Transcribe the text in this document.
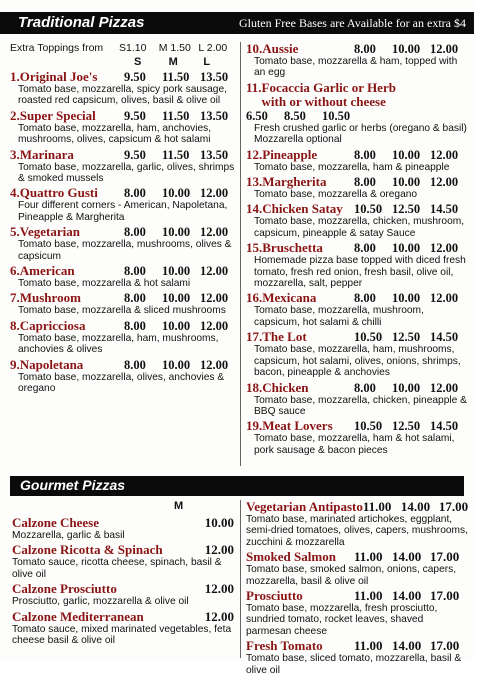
Traditional Pizzas	Gluten Free Bases are Available for an extra $4
Extra Toppings from	S1.10	M 1.50 L 2.00
S	M	L
1. Original Joe's	9.50	11.50 13.50
Tomato base, mozzarella, spicy pork sausage, roasted red capsicum, olives, basil & olive oil
2. Super Special	9.50	11.50 13.50
Tomato base, mozzarella, ham, anchovies, mushrooms, olives, capsicum & hot salami
3. Marinara	9.50	11.50 13.50
Tomato base, mozzarella, garlic, olives, shrimps & smoked mussels
4. Quattro Gusti	8.00	10.00 12.00
Four different corners - American, Napoletana, Pineapple & Margherita
5. Vegetarian	8.00	10.00 12.00
Tomato base, mozzarella, mushrooms, olives & capsicum
6. American	8.00	10.00 12.00
Tomato base, mozzarella & hot salami
7. Mushroom	8.00	10.00 12.00
Tomato base, mozzarella & sliced mushrooms
8. Capricciosa	8.00	10.00 12.00
Tomato base, mozzarella, ham, mushrooms, anchovies & olives
9. Napoletana	8.00	10.00 12.00
Tomato base, mozzarella, olives, anchovies & oregano
10. Aussie	8.00	10.00 12.00
Tomato base, mozzarella & ham, topped with an egg
11. Focaccia Garlic or Herb with or without cheese
6.50	8.50	10.50
Fresh crushed garlic or herbs (oregano & basil) Mozzarella optional
12. Pineapple	8.00	10.00 12.00
Tomato base, mozzarella, ham & pineapple
13. Margherita	8.00	10.00 12.00
Tomato base, mozzarella & oregano
14. Chicken Satay 10.50 12.50 14.50
Tomato base, mozzarella, chicken, mushroom, capsicum, pineapple & satay Sauce
15. Bruschetta	8.00	10.00 12.00
Homemade pizza base topped with diced fresh tomato, fresh red onion, fresh basil, olive oil, mozzarella, salt, pepper
16. Mexicana	8.00	10.00 12.00
Tomato base, mozzarella, mushroom, capsicum, hot salami & chilli
17. The Lot	10.50 12.50 14.50
Tomato base, mozzarella, ham, mushrooms, capsicum, hot salami, olives, onions, shrimps, bacon, pineapple & anchovies
18. Chicken	8.00	10.00 12.00
Tomato base, mozzarella, chicken, pineapple & BBQ sauce
19. Meat Lovers	10.50 12.50 14.50
Tomato base, mozzarella, ham & hot salami, pork sausage & bacon pieces
Gourmet Pizzas
M
Calzone Cheese	10.00
Mozzarella, garlic & basil
Calzone Ricotta & Spinach	12.00
Tomato sauce, ricotta cheese, spinach, basil & olive oil
Calzone Prosciutto	12.00
Prosciutto, garlic, mozzarella & olive oil
Calzone Mediterranean	12.00
Tomato sauce, mixed marinated vegetables, feta cheese basil & olive oil
Vegetarian Antipasto 11.00 14.00 17.00
Tomato base, marinated artichokes, eggplant, semi-dried tomatoes, olives, capers, mushrooms, zucchini & mozzarella
Smoked Salmon	11.00 14.00 17.00
Tomato base, smoked salmon, onions, capers, mozzarella, basil & olive oil
Prosciutto	11.00 14.00 17.00
Tomato base, mozzarella, fresh prosciutto, sundried tomato, rocket leaves, shaved parmesan cheese
Fresh Tomato	11.00 14.00 17.00
Tomato base, sliced tomato, mozzarella, basil & olive oil
